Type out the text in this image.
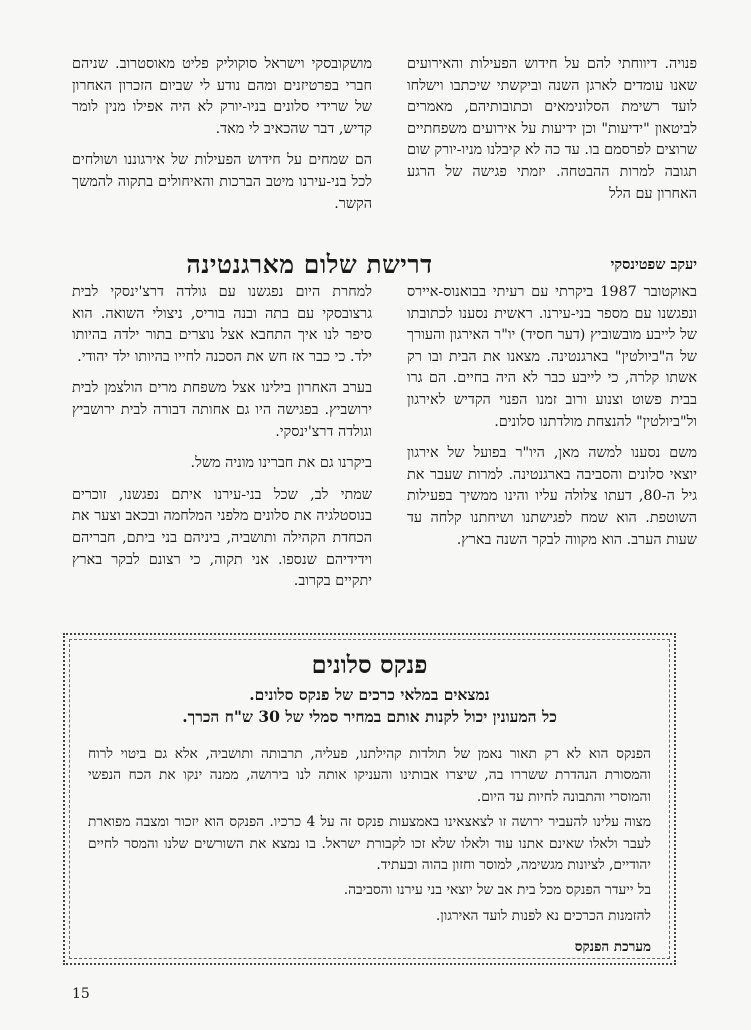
פנויה. דיווחתי להם על חידוש הפעילות והאירועים שאנו עומדים לארגן השנה וביקשתי שיכתבו וישלחו לועד רשימת הסלונימאים וכתובותיהם, מאמרים לביטאון "ידיעות" וכן ידיעות על אירועים משפחתיים שרוצים לפרסמם בו. עד כה לא קיבלנו מניו-יורק שום תגובה למרות ההבטחה. יזמתי פגישה של הרגע האחרון עם הלל

מושקובסקי וישראל סוקוליק פליט מאוסטרוב. שניהם חברי בפרטיזנים ומהם נודע לי שביום הזכרון האחרון של שרידי סלונים בניו-יורק לא היה אפילו מנין לומר קדיש, דבר שהכאיב לי מאד.

הם שמחים על חידוש הפעילות של אירגוננו ושולחים לכל בני-עירנו מיטב הברכות והאיחולים בתקוה להמשך הקשר.

יעקב שפטינסקי
דרישת שלום מארגנטינה

באוקטובר 1987 ביקרתי עם רעיתי בבואנוס-איירס ונפגשנו עם מספר בני-עירנו. ראשית נסענו לכתובתו של לייבע מובשוביץ (דער חסיד) יו"ר האירגון והעורך של ה"ביולטין" בארגנטינה. מצאנו את הבית ובו רק אשתו קלרה, כי לייבע כבר לא היה בחיים. הם גרו בבית פשוט וצנוע ורוב זמנו הפנוי הקדיש לאירגון ול"ביולטין" להנצחת מולדתנו סלונים.

משם נסענו למשה מאן, היו"ר בפועל של אירגון יוצאי סלונים והסביבה בארגנטינה. למרות שעבר את גיל ה-80, דעתו צלולה עליו והינו ממשיך בפעילות השוטפת. הוא שמח לפגישתנו ושיחתנו קלחה עד שעות הערב. הוא מקווה לבקר השנה בארץ.

למחרת היום נפגשנו עם גולדה דרצ'ינסקי לבית גרצובסקי עם בתה ובנה בוריס, ניצולי השואה. הוא סיפר לנו איך התחבא אצל נוצרים בתור ילדה בהיותו ילד. כי כבר אז חש את הסכנה לחייו בהיותו ילד יהודי.

בערב האחרון בילינו אצל משפחת מרים הולצמן לבית ירושביץ. בפגישה היו גם אחותה דבורה לבית ירושביץ וגולדה דרצ'ינסקי.

ביקרנו גם את חברינו מוניה משל.

שמתי לב, שכל בני-עירנו איתם נפגשנו, זוכרים בנוסטלגיה את סלונים מלפני המלחמה ובכאב וצער את הכחדת הקהילה ותושביה, ביניהם בני ביתם, חבריהם וידידיהם שנספו. אני תקוה, כי רצונם לבקר בארץ יתקיים בקרוב.

פנקס סלונים

נמצאים במלאי כרכים של פנקס סלונים.

כל המעונין יכול לקנות אותם במחיר סמלי של 30 ש"ח הכרך.

הפנקס הוא לא רק תאור נאמן של תולדות קהילתנו, פעליה, תרבותה ותושביה, אלא גם ביטוי לרוח והמסורת הנהדרת ששררו בה, שיצרו אבותינו והעניקו אותה לנו בירושה, ממנה ינקו את הכח הנפשי והמוסרי והתבונה לחיות עד היום.

מצוה עלינו להעביר ירושה זו לצאצאינו באמצעות פנקס זה על 4 כרכיו. הפנקס הוא יזכור ומצבה מפוארת לעבר ולאלו שאינם אתנו עוד ולאלו שלא זכו לקבורת ישראל. בו נמצא את השורשים שלנו והמסר לחיים יהודיים, לציונות מגשימה, למוסר וחזון בהוה ובעתיד.

בל ייעדר הפנקס מכל בית אב של יוצאי בני עירנו והסביבה.

להזמנות הכרכים נא לפנות לועד האירגון.

מערכת הפנקס

15
